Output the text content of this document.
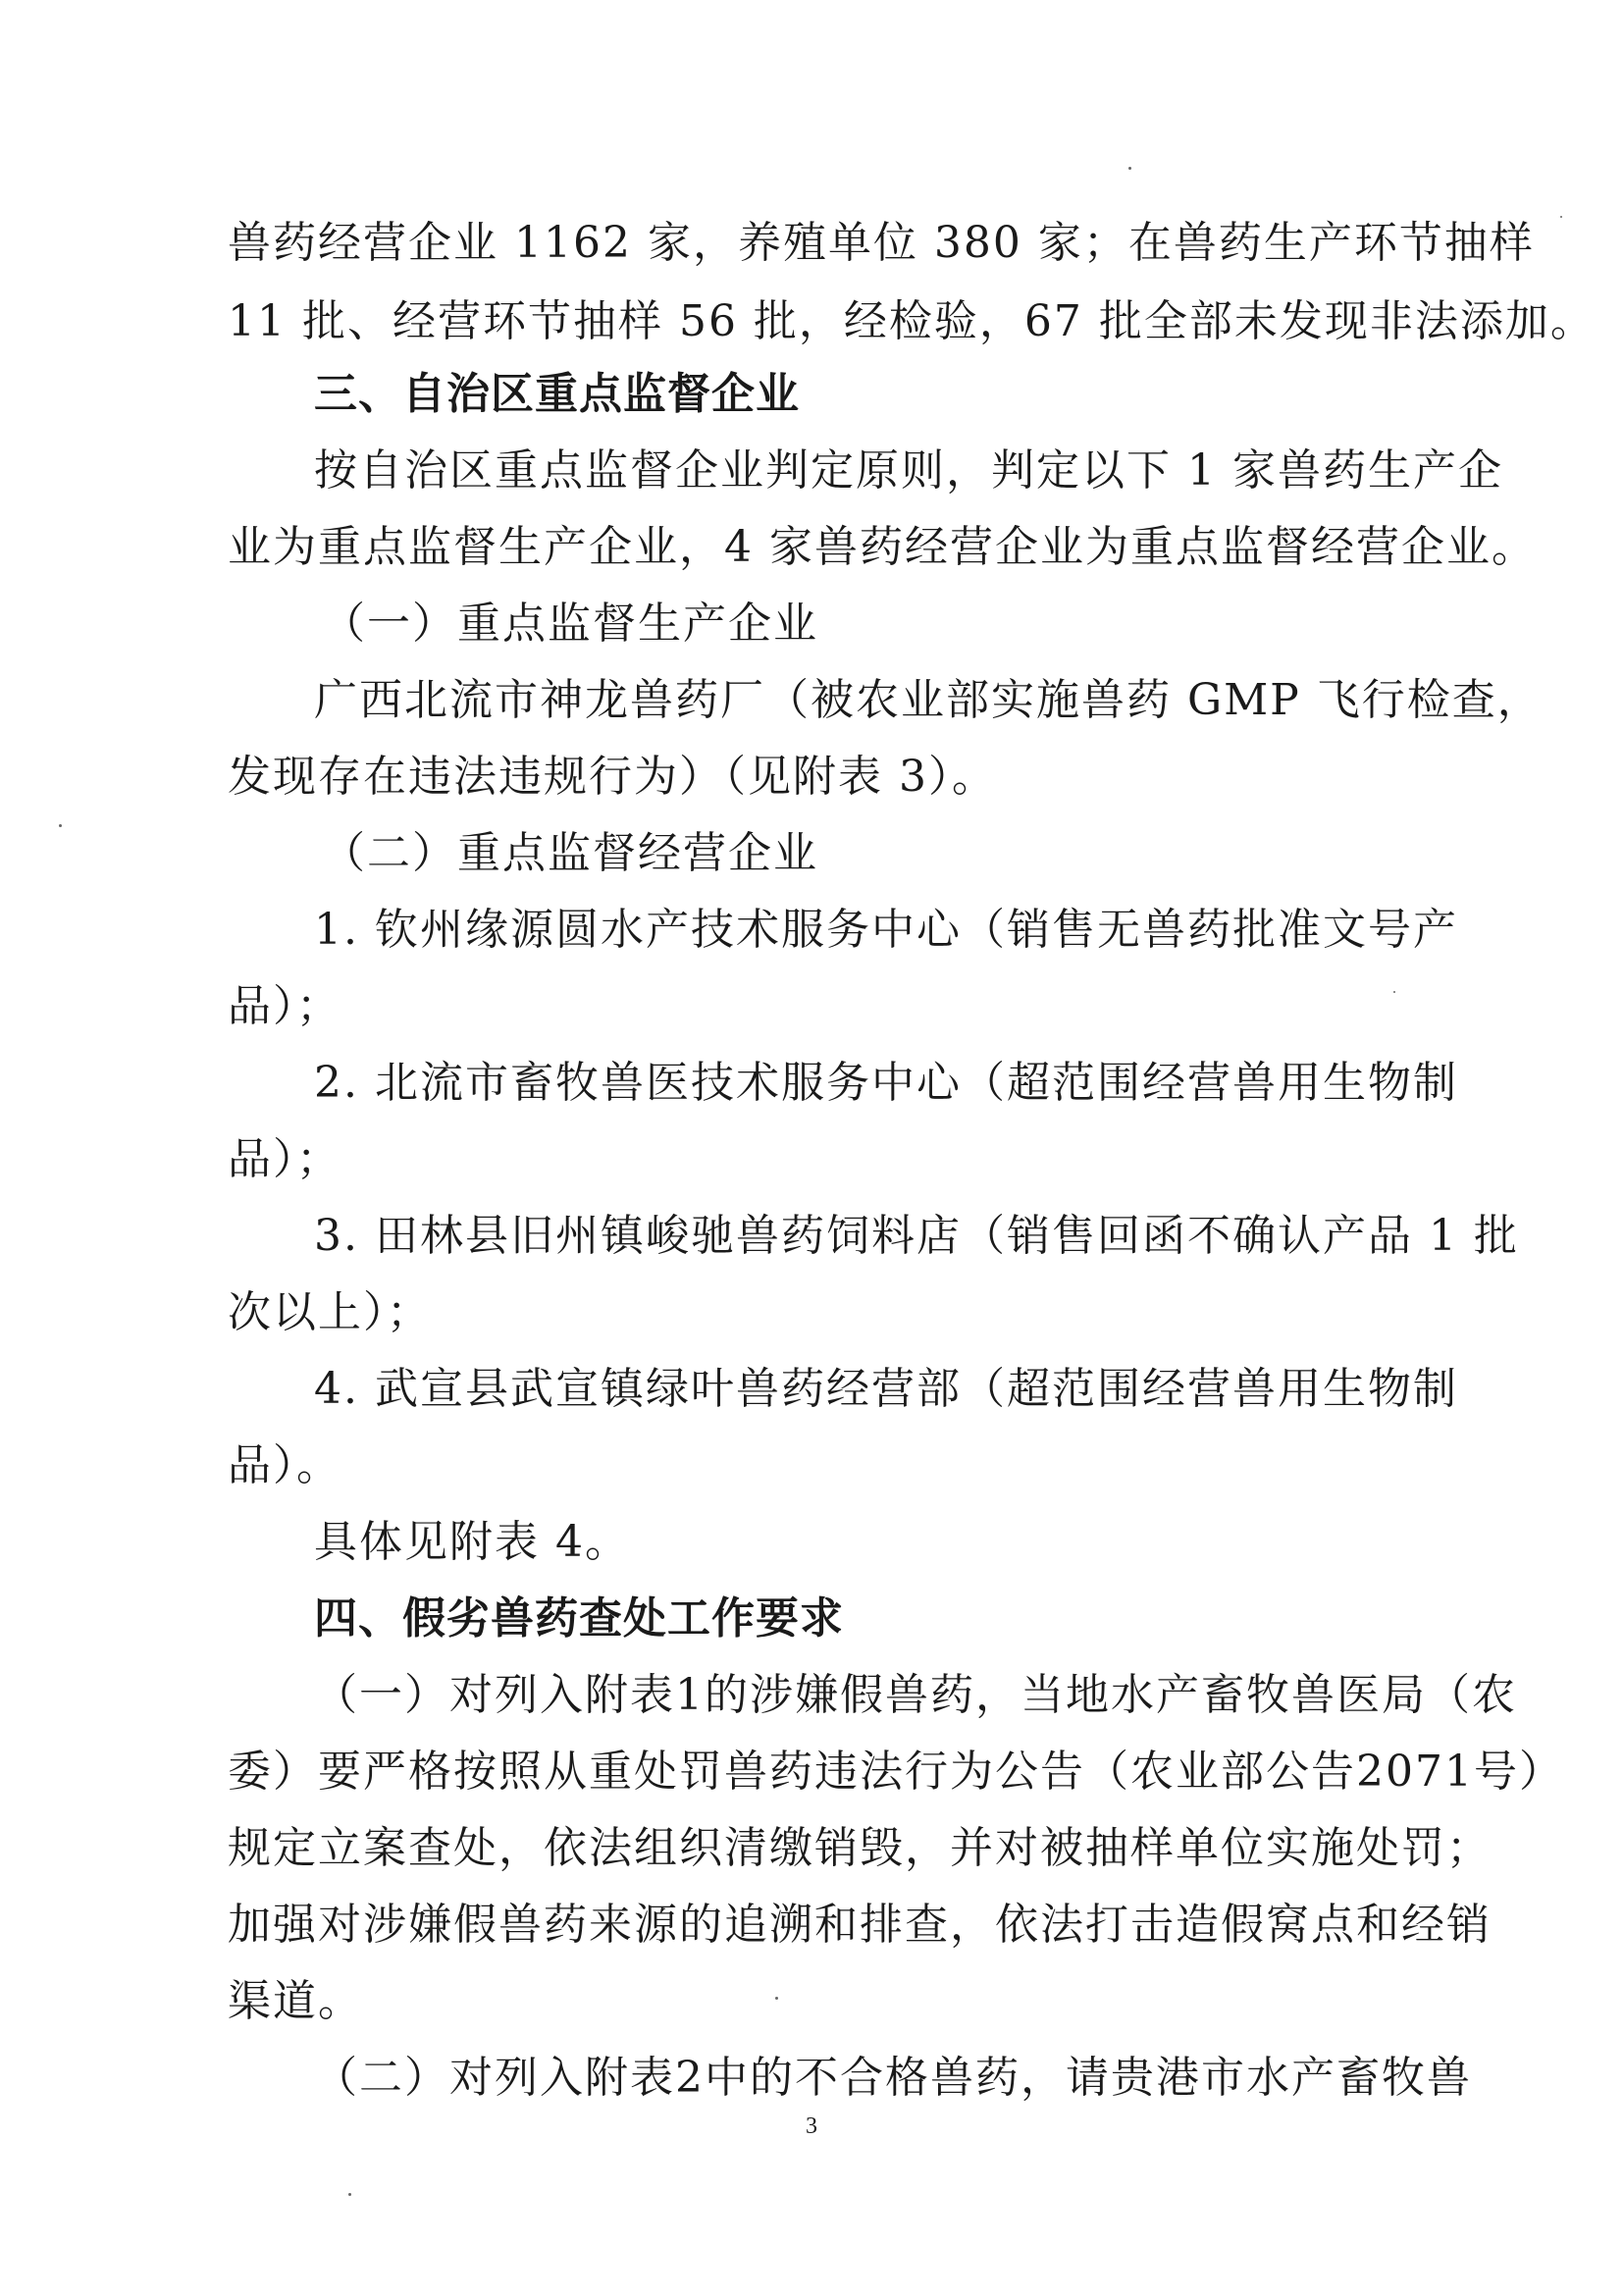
兽药经营企业 1162 家，养殖单位 380 家；在兽药生产环节抽样
11 批、经营环节抽样 56 批，经检验，67 批全部未发现非法添加。
三、自治区重点监督企业
按自治区重点监督企业判定原则，判定以下 1 家兽药生产企
业为重点监督生产企业，4 家兽药经营企业为重点监督经营企业。
（一）重点监督生产企业
广西北流市神龙兽药厂（被农业部实施兽药 GMP 飞行检查，
发现存在违法违规行为）（见附表 3）。
（二）重点监督经营企业
1. 钦州缘源圆水产技术服务中心（销售无兽药批准文号产
品）；
2. 北流市畜牧兽医技术服务中心（超范围经营兽用生物制
品）；
3. 田林县旧州镇峻驰兽药饲料店（销售回函不确认产品 1 批
次以上）；
4. 武宣县武宣镇绿叶兽药经营部（超范围经营兽用生物制
品）。
具体见附表 4。
四、假劣兽药查处工作要求
（一）对列入附表1的涉嫌假兽药，当地水产畜牧兽医局（农
委）要严格按照从重处罚兽药违法行为公告（农业部公告2071号）
规定立案查处，依法组织清缴销毁，并对被抽样单位实施处罚；
加强对涉嫌假兽药来源的追溯和排查，依法打击造假窝点和经销
渠道。
（二）对列入附表2中的不合格兽药，请贵港市水产畜牧兽
3
